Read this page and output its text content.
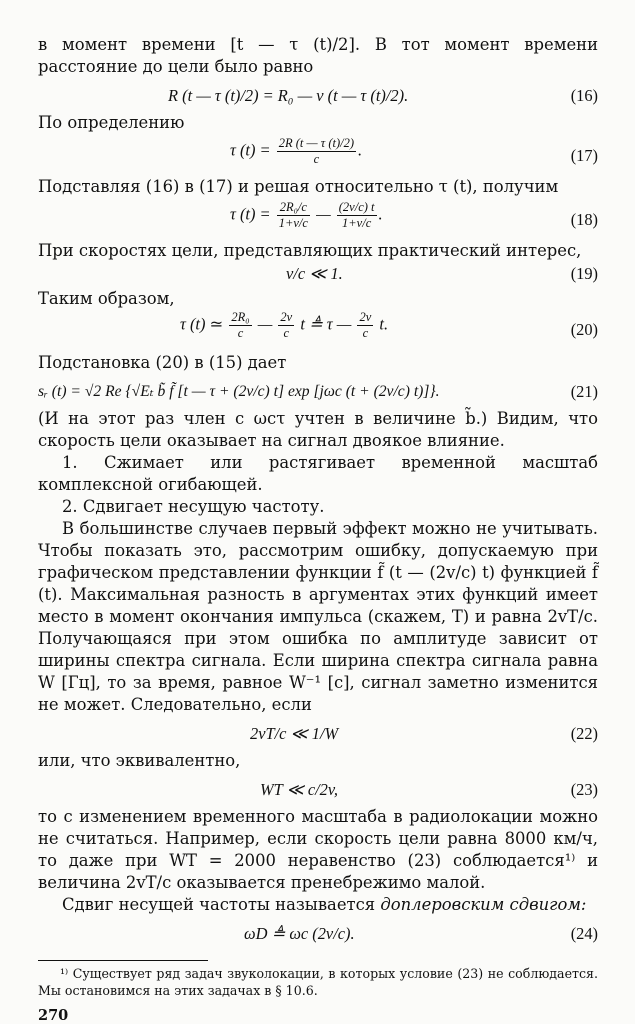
в момент времени [t — τ (t)/2]. В тот момент времени расстояние до цели было равно

R (t — τ (t)/2) = R₀ — v (t — τ (t)/2).	(16)

По определению

τ $(t) = \frac{2R (t — \tau (t)/2)}{c}$ .	(17)

Подставляя (16) в (17) и решая относительно τ (t), получим

τ $(t) = \frac{\text{2R₀/c}}{1+v/c}$ — $\frac{(2v/c) t}{1+v/c}$ .	(18)

При скоростях цели, представляющих практический интерес,

v/c ≪ 1.	(19)

Таким образом,

τ (t) ≃ $\frac{\text{2R₀}}{c}$ — $\frac{2v}{c}$ t ≜ τ — $\frac{2v}{c} t$.	(20)

Подстановка (20) в (15) дает

sᵣ (t) = √2 Re {√Eₜ b̃ f̃ [t — τ + (2v/c) t] exp [jωc (t + (2v/c) t)]}.	(21)

(И на этот раз член с ωcτ учтен в величине b̃.) Видим, что скорость цели оказывает на сигнал двоякое влияние.

1. Сжимает или растягивает временной масштаб комплексной огибающей.

2. Сдвигает несущую частоту.

В большинстве случаев первый эффект можно не учитывать. Чтобы показать это, рассмотрим ошибку, допускаемую при графическом представлении функции f̃ (t — (2v/c) t) функцией f̃ (t). Максимальная разность в аргументах этих функций имеет место в момент окончания импульса (скажем, T) и равна 2vT/c. Получающаяся при этом ошибка по амплитуде зависит от ширины спектра сигнала. Если ширина спектра сигнала равна W [Гц], то за время, равное W⁻¹ [с], сигнал заметно изменится не может. Следовательно, если

2vT/c ≪ 1/W	(22)

или, что эквивалентно,

WT ≪ c/2v,	(23)

то с изменением временного масштаба в радиолокации можно не считаться. Например, если скорость цели равна 8000 км/ч, то даже при WT = 2000 неравенство (23) соблюдается¹⁾ и величина 2vT/c оказывается пренебрежимо малой.

Сдвиг несущей частоты называется доплеровским сдвигом:

ωD ≜ ωc (2v/c).	(24)

¹⁾ Существует ряд задач звуколокации, в которых условие (23) не соблюдается. Мы остановимся на этих задачах в § 10.6.

270
